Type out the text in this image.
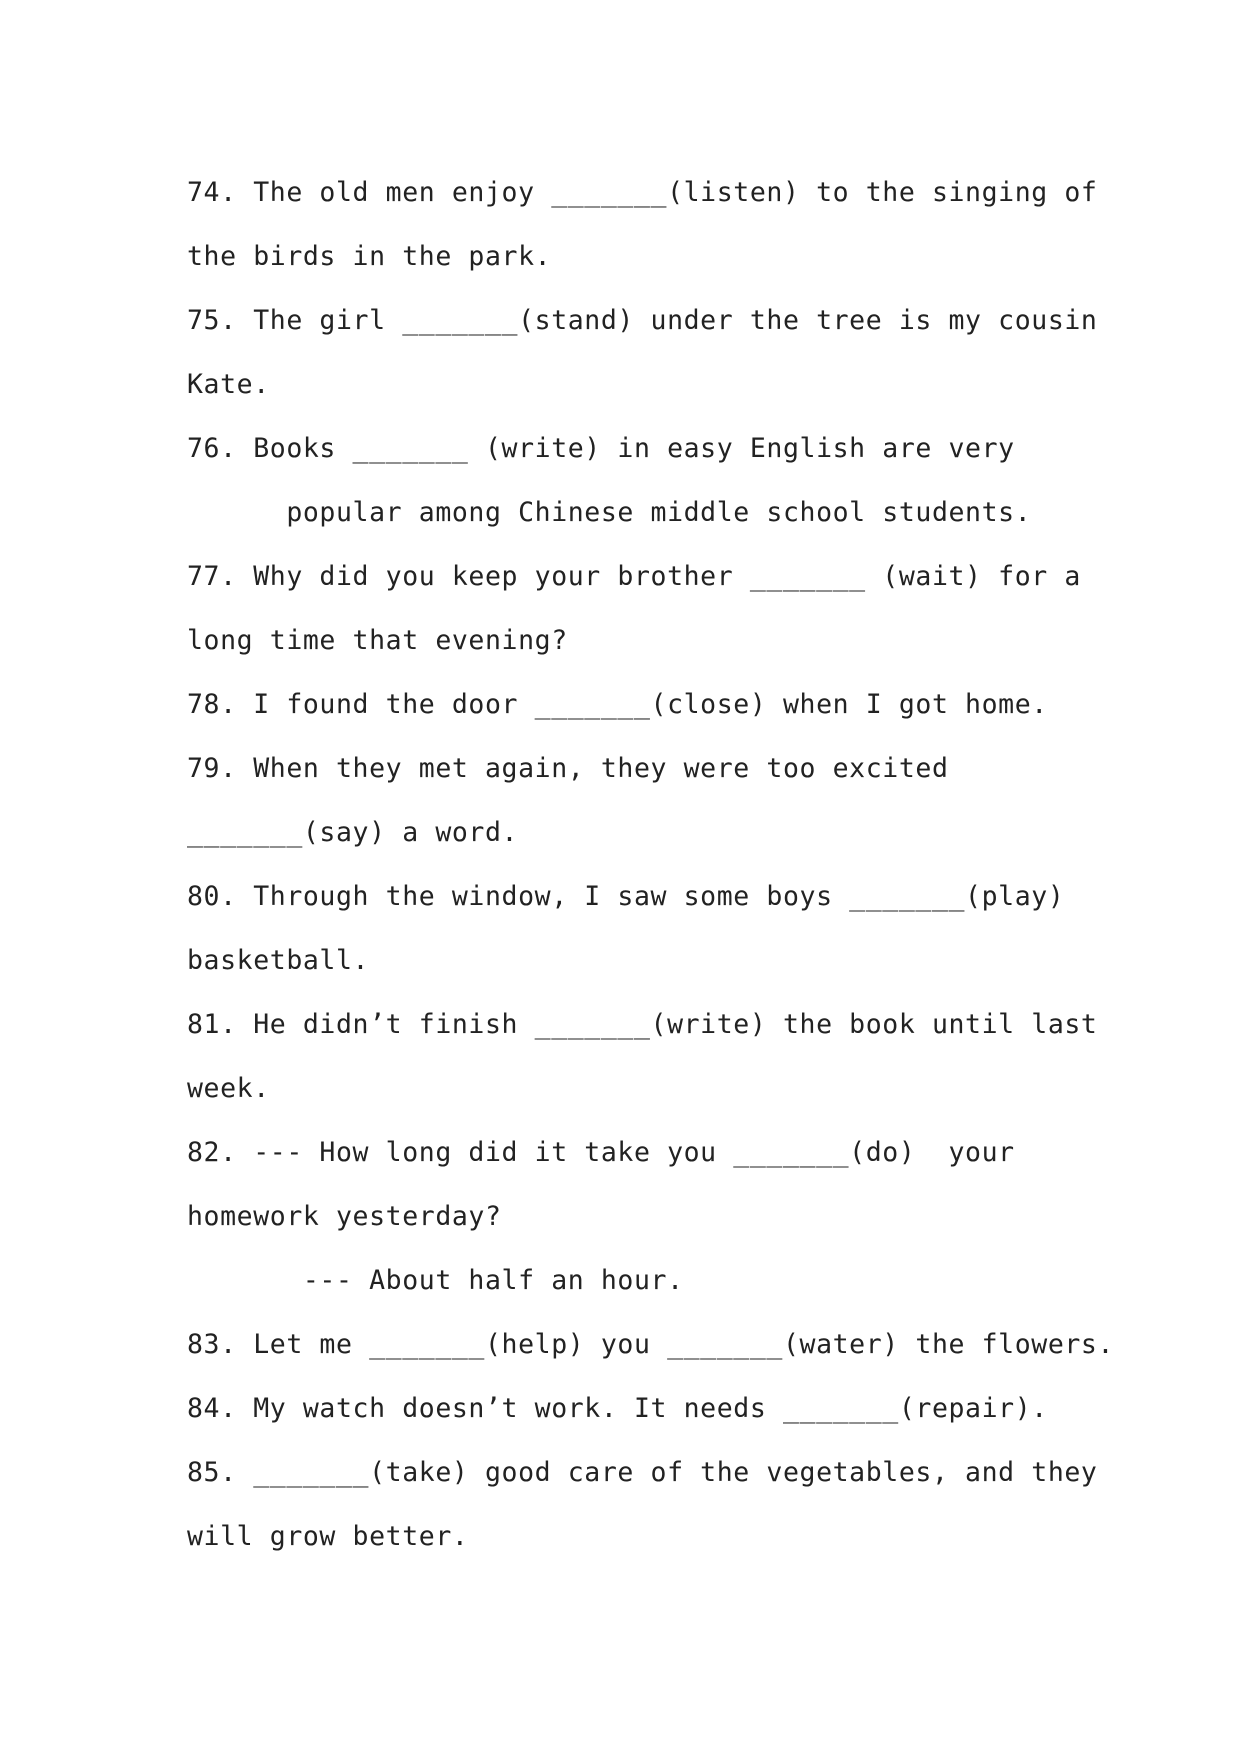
74. The old men enjoy _______(listen) to the singing of
the birds in the park.
75. The girl _______(stand) under the tree is my cousin
Kate.
76. Books _______ (write) in easy English are very
popular among Chinese middle school students.
77. Why did you keep your brother _______ (wait) for a
long time that evening?
78. I found the door _______(close) when I got home.
79. When they met again, they were too excited
_______(say) a word.
80. Through the window, I saw some boys _______(play)
basketball.
81. He didn’t finish _______(write) the book until last
week.
82. --- How long did it take you _______(do)  your
homework yesterday?
--- About half an hour.
83. Let me _______(help) you _______(water) the flowers.
84. My watch doesn’t work. It needs _______(repair).
85. _______(take) good care of the vegetables, and they
will grow better.
